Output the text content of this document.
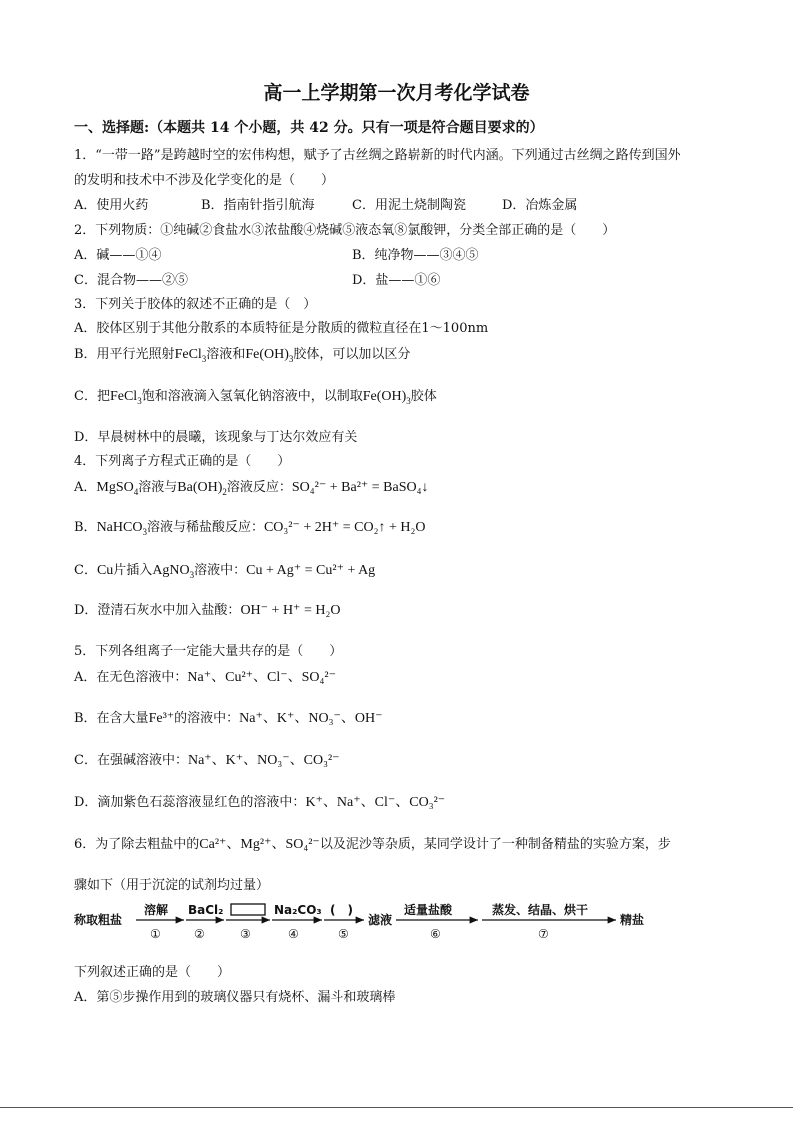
高一上学期第一次月考化学试卷
一、选择题:（本题共 14 个小题，共 42 分。只有一项是符合题目要求的）
1．“一带一路”是跨越时空的宏伟构想，赋予了古丝绸之路崭新的时代内涵。下列通过古丝绸之路传到国外
的发明和技术中不涉及化学变化的是（　　）
A．使用火药	B．指南针指引航海	C．用泥土烧制陶瓷	D．冶炼金属
2．下列物质：①纯碱②食盐水③浓盐酸④烧碱⑤液态氧⑧氯酸钾，分类全部正确的是（　　）
A．碱——①④	B．纯净物——③④⑤
C．混合物——②⑤	D．盐——①⑥
3．下列关于胶体的叙述不正确的是（　）
A．胶体区别于其他分散系的本质特征是分散质的微粒直径在1～100nm
B．用平行光照射FeCl$_3$溶液和$Fe(OH)_3$胶体，可以加以区分
C．把FeCl$_3$饱和溶液滴入氢氧化钠溶液中，以制取$Fe(OH)_3$胶体
D．早晨树林中的晨曦，该现象与丁达尔效应有关
4．下列离子方程式正确的是（　　）
A．MgSO$_4$溶液与$Ba(OH)_2$溶液反应：SO₄²⁻ + Ba²⁺ = BaSO₄↓
B．NaHCO$_3$溶液与稀盐酸反应：CO₃²⁻ + 2H⁺ = CO₂↑ + H₂O
C．Cu片插入AgNO$_3$溶液中：Cu + Ag⁺ = Cu²⁺ + Ag
D．澄清石灰水中加入盐酸：OH⁻ + H⁺ = H₂O
5．下列各组离子一定能大量共存的是（　　）
A．在无色溶液中：Na⁺、Cu²⁺、Cl⁻、SO₄²⁻
B．在含大量Fe³⁺的溶液中：Na⁺、K⁺、NO₃⁻、OH⁻
C．在强碱溶液中：Na⁺、K⁺、NO₃⁻、CO₃²⁻
D．滴加紫色石蕊溶液显红色的溶液中：K⁺、Na⁺、Cl⁻、CO₃²⁻
6．为了除去粗盐中的Ca²⁺、Mg²⁺、SO₄²⁻以及泥沙等杂质，某同学设计了一种制备精盐的实验方案，步
骤如下（用于沉淀的试剂均过量）
称取粗盐
溶解
①
BaCl₂
②	③
Na₂CO₃
④
(　)
⑤
滤液
适量盐酸
⑥
蒸发、结晶、烘干
⑦
精盐
下列叙述正确的是（　　）
A．第⑤步操作用到的玻璃仪器只有烧杯、漏斗和玻璃棒
